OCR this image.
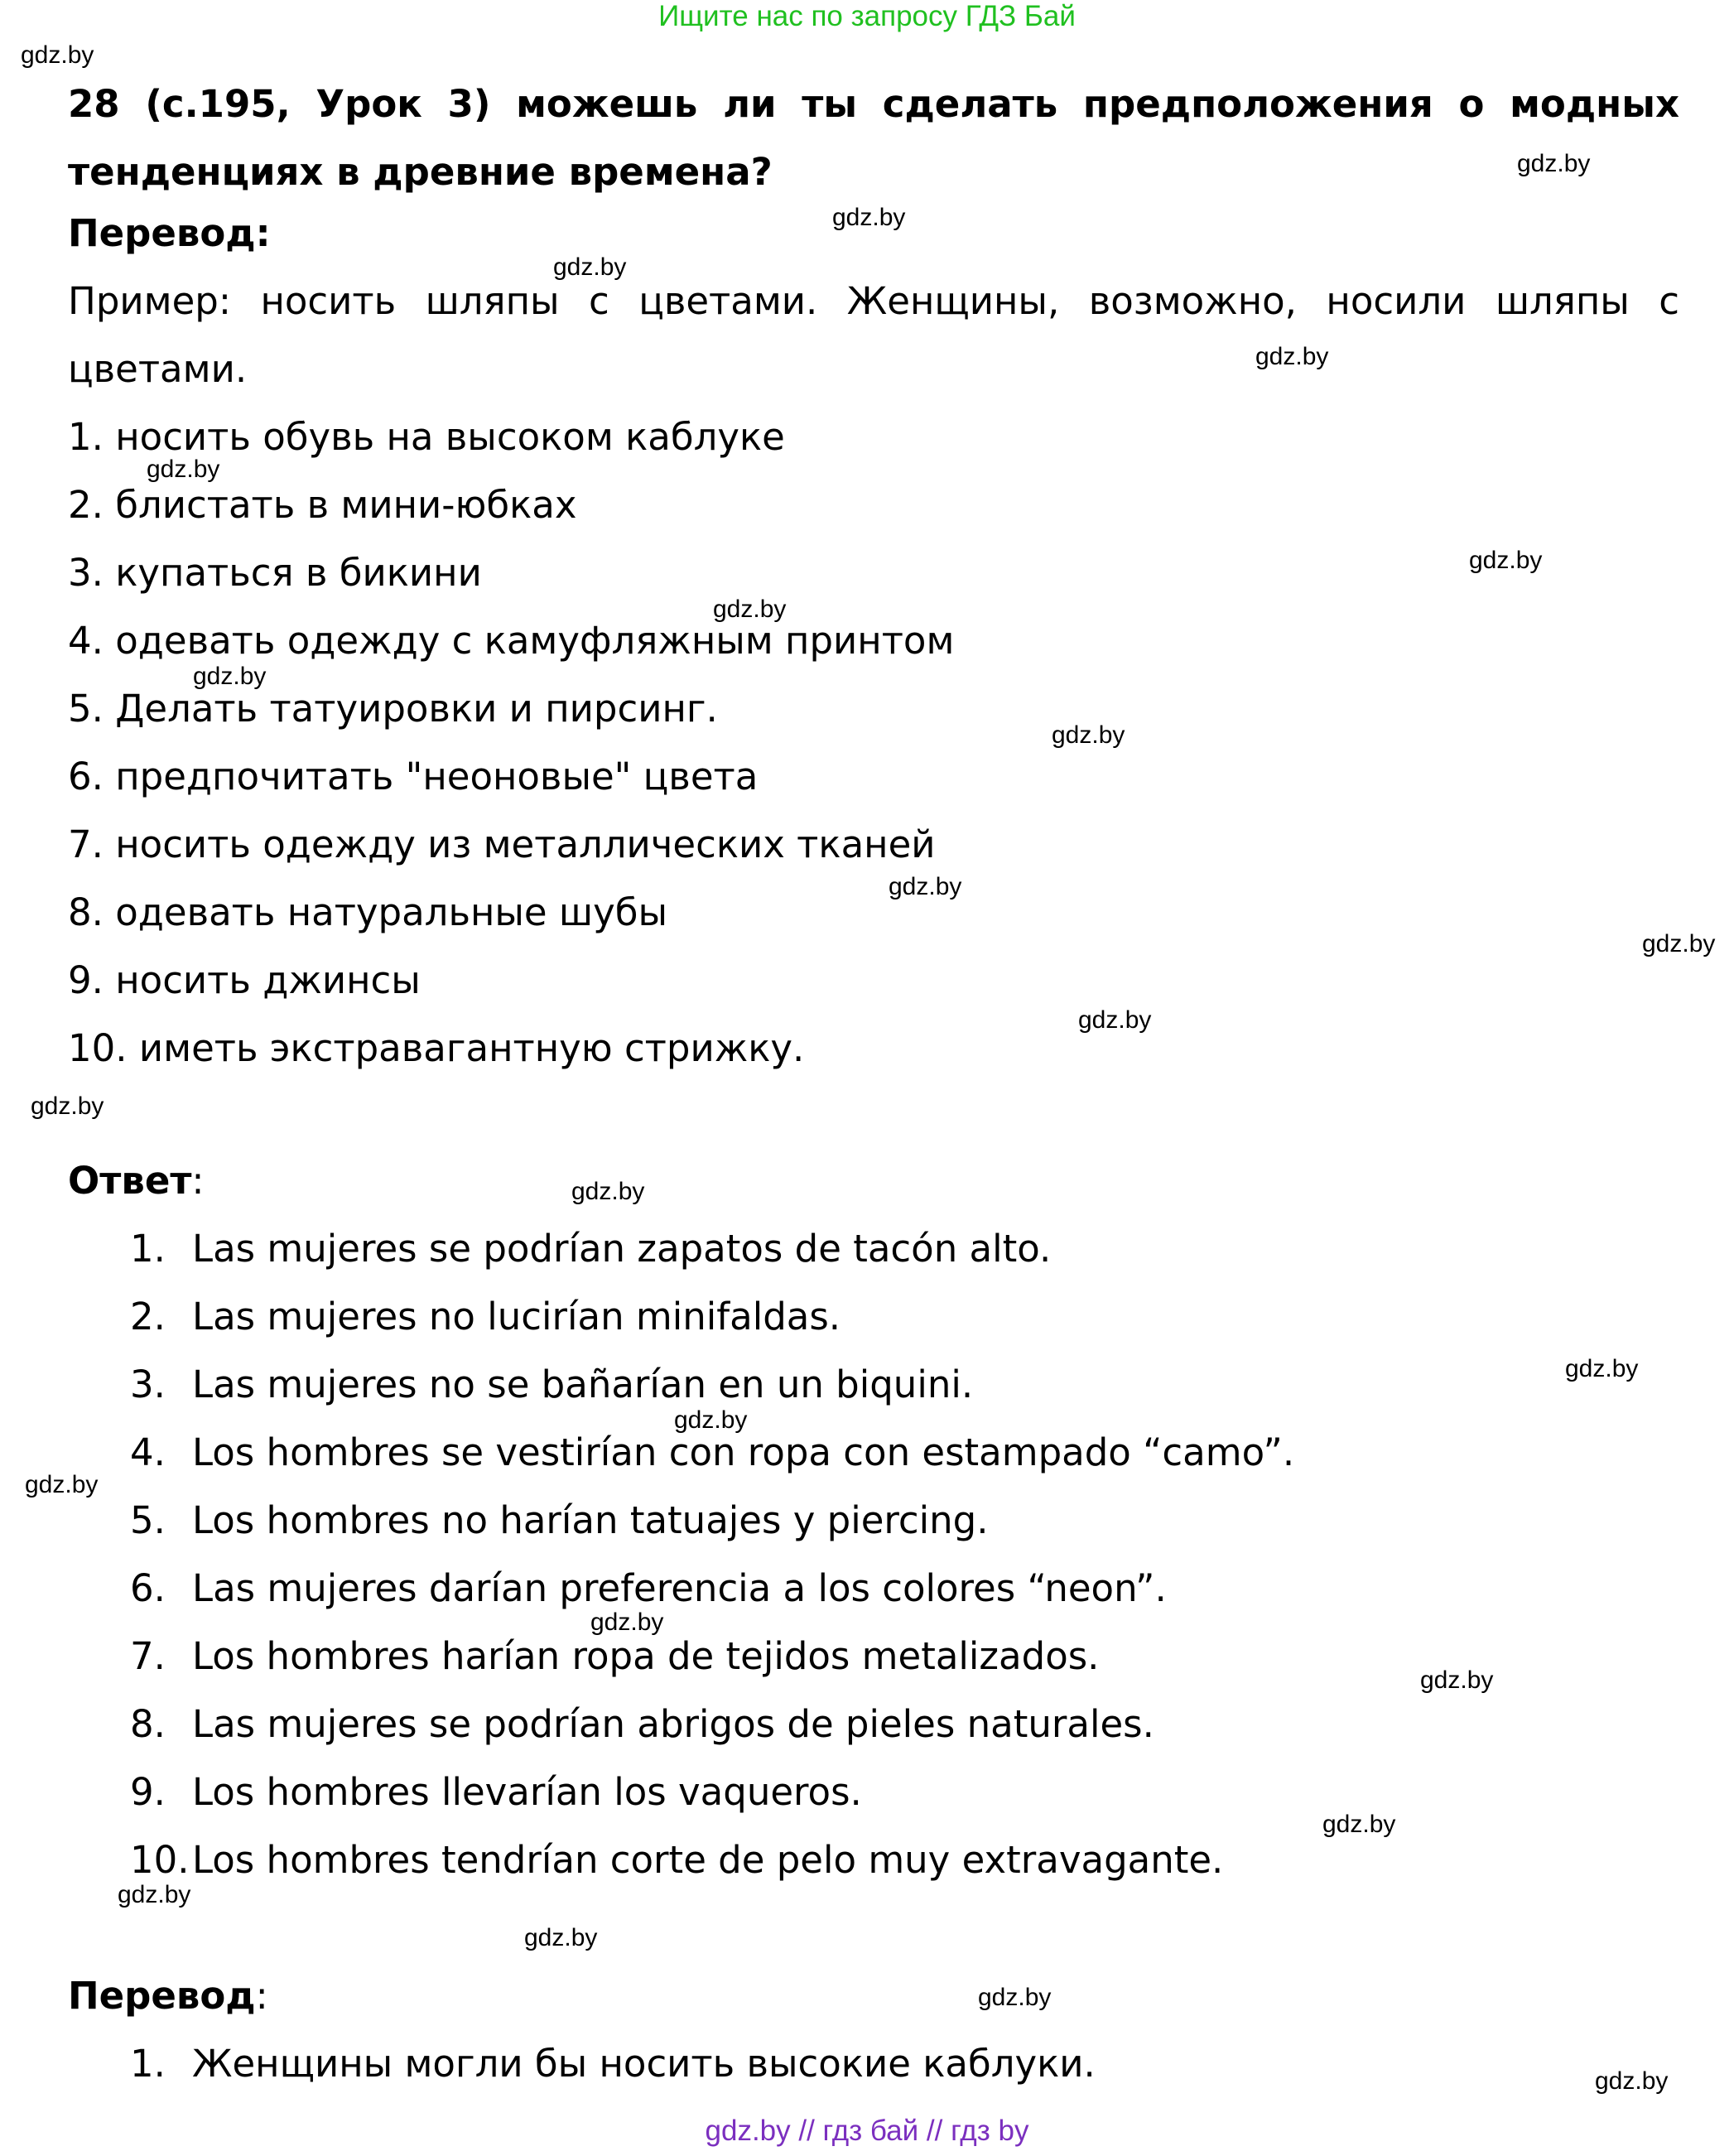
Ищите нас по запросу ГДЗ Бай
28 (с.195, Урок 3) можешь ли ты сделать предположения о модных тенденциях в древние времена?
Перевод:
Пример: носить шляпы с цветами. Женщины, возможно, носили шляпы с цветами.
1. носить обувь на высоком каблуке
2. блистать в мини-юбках
3. купаться в бикини
4. одевать одежду с камуфляжным принтом
5. Делать татуировки и пирсинг.
6. предпочитать "неоновые" цвета
7. носить одежду из металлических тканей
8. одевать натуральные шубы
9. носить джинсы
10. иметь экстравагантную стрижку.
Ответ:
1. Las mujeres se podrían zapatos de tacón alto.
2. Las mujeres no lucirían minifaldas.
3. Las mujeres no se bañarían en un biquini.
4. Los hombres se vestirían con ropa con estampado “camo”.
5. Los hombres no harían tatuajes y piercing.
6. Las mujeres darían preferencia a los colores “neon”.
7. Los hombres harían ropa de tejidos metalizados.
8. Las mujeres se podrían abrigos de pieles naturales.
9. Los hombres llevarían los vaqueros.
10. Los hombres tendrían corte de pelo muy extravagante.
Перевод:
1. Женщины могли бы носить высокие каблуки.
gdz.by
gdz.by
gdz.by
gdz.by
gdz.by
gdz.by
gdz.by
gdz.by
gdz.by
gdz.by
gdz.by
gdz.by
gdz.by
gdz.by
gdz.by
gdz.by
gdz.by
gdz.by
gdz.by
gdz.by
gdz.by
gdz.by
gdz.by
gdz.by
gdz.by
gdz.by // гдз бай // гдз by
